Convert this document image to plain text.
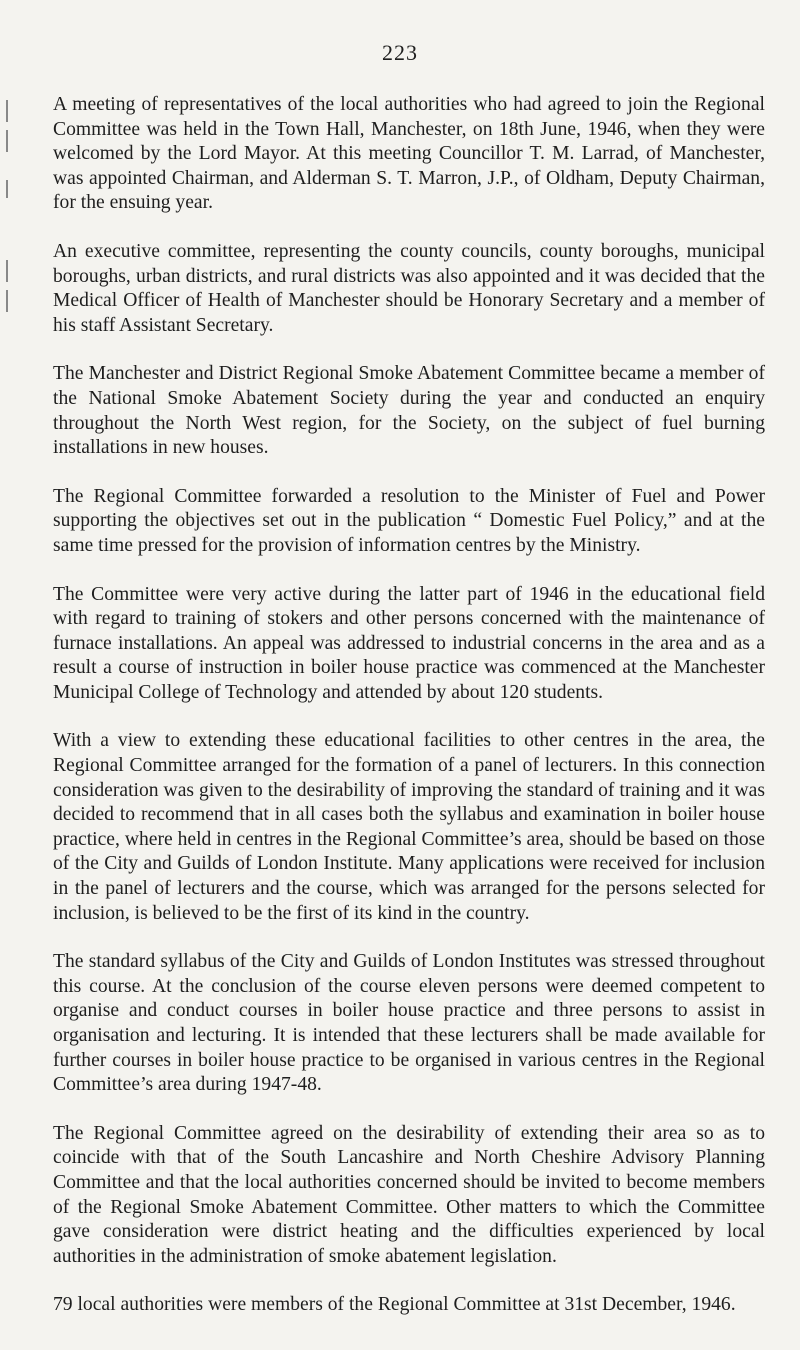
223

A meeting of representatives of the local authorities who had agreed to join the Regional Committee was held in the Town Hall, Manchester, on 18th June, 1946, when they were welcomed by the Lord Mayor. At this meeting Councillor T. M. Larrad, of Manchester, was appointed Chairman, and Alderman S. T. Marron, J.P., of Oldham, Deputy Chairman, for the ensuing year.

An executive committee, representing the county councils, county boroughs, municipal boroughs, urban districts, and rural districts was also appointed and it was decided that the Medical Officer of Health of Manchester should be Honorary Secretary and a member of his staff Assistant Secretary.

The Manchester and District Regional Smoke Abatement Committee became a member of the National Smoke Abatement Society during the year and conducted an enquiry throughout the North West region, for the Society, on the subject of fuel burning installations in new houses.

The Regional Committee forwarded a resolution to the Minister of Fuel and Power supporting the objectives set out in the publication “ Domestic Fuel Policy,” and at the same time pressed for the provision of information centres by the Ministry.

The Committee were very active during the latter part of 1946 in the educational field with regard to training of stokers and other persons concerned with the maintenance of furnace installations. An appeal was addressed to industrial concerns in the area and as a result a course of instruction in boiler house practice was commenced at the Manchester Municipal College of Technology and attended by about 120 students.

With a view to extending these educational facilities to other centres in the area, the Regional Committee arranged for the formation of a panel of lecturers. In this connection consideration was given to the desirability of improving the standard of training and it was decided to recommend that in all cases both the syllabus and examination in boiler house practice, where held in centres in the Regional Committee’s area, should be based on those of the City and Guilds of London Institute. Many applications were received for inclusion in the panel of lecturers and the course, which was arranged for the persons selected for inclusion, is believed to be the first of its kind in the country.

The standard syllabus of the City and Guilds of London Institutes was stressed throughout this course. At the conclusion of the course eleven persons were deemed competent to organise and conduct courses in boiler house practice and three persons to assist in organisation and lecturing. It is intended that these lecturers shall be made available for further courses in boiler house practice to be organised in various centres in the Regional Committee’s area during 1947-48.

The Regional Committee agreed on the desirability of extending their area so as to coincide with that of the South Lancashire and North Cheshire Advisory Planning Committee and that the local authorities concerned should be invited to become members of the Regional Smoke Abatement Committee. Other matters to which the Committee gave consideration were district heating and the difficulties experienced by local authorities in the administration of smoke abatement legislation.

79 local authorities were members of the Regional Committee at 31st December, 1946.
